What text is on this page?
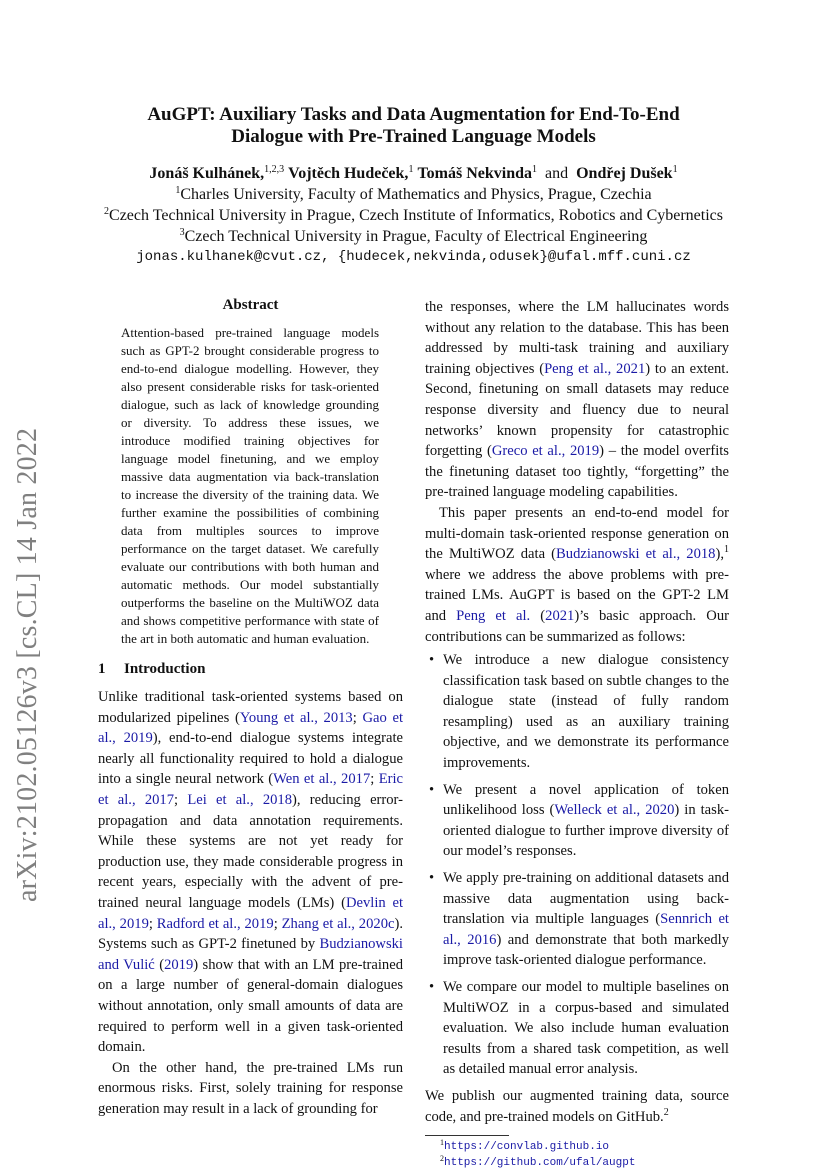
arXiv:2102.05126v3 [cs.CL] 14 Jan 2022
AuGPT: Auxiliary Tasks and Data Augmentation for End-To-End
Dialogue with Pre-Trained Language Models
Jonáš Kulhánek,$^{1,2,3}$ Vojtěch Hudeček,$^1$ Tomáš Nekvinda$^1$ and Ondřej Dušek$^1$
$^1$Charles University, Faculty of Mathematics and Physics, Prague, Czechia
$^2$Czech Technical University in Prague, Czech Institute of Informatics, Robotics and Cybernetics
$^3$Czech Technical University in Prague, Faculty of Electrical Engineering
jonas.kulhanek@cvut.cz, {hudecek,nekvinda,odusek}@ufal.mff.cuni.cz
Abstract
Attention-based pre-trained language models such as GPT-2 brought considerable progress to end-to-end dialogue modelling. However, they also present considerable risks for task-oriented dialogue, such as lack of knowledge grounding or diversity. To address these issues, we introduce modified training objectives for language model finetuning, and we employ massive data augmentation via back-translation to increase the diversity of the training data. We further examine the possibilities of combining data from multiples sources to improve performance on the target dataset. We carefully evaluate our contributions with both human and automatic methods. Our model substantially outperforms the baseline on the MultiWOZ data and shows competitive performance with state of the art in both automatic and human evaluation.
1 Introduction

Unlike traditional task-oriented systems based on modularized pipelines (Young et al., 2013; Gao et al., 2019), end-to-end dialogue systems integrate nearly all functionality required to hold a dialogue into a single neural network (Wen et al., 2017; Eric et al., 2017; Lei et al., 2018), reducing error-propagation and data annotation requirements. While these systems are not yet ready for production use, they made considerable progress in recent years, especially with the advent of pre-trained neural language models (LMs) (Devlin et al., 2019; Radford et al., 2019; Zhang et al., 2020c). Systems such as GPT-2 finetuned by Budzianowski and Vulić (2019) show that with an LM pre-trained on a large number of general-domain dialogues without annotation, only small amounts of data are required to perform well in a given task-oriented domain.

On the other hand, the pre-trained LMs run enormous risks. First, solely training for response generation may result in a lack of grounding for

the responses, where the LM hallucinates words without any relation to the database. This has been addressed by multi-task training and auxiliary training objectives (Peng et al., 2021) to an extent. Second, finetuning on small datasets may reduce response diversity and fluency due to neural networks’ known propensity for catastrophic forgetting (Greco et al., 2019) – the model overfits the finetuning dataset too tightly, “forgetting” the pre-trained language modeling capabilities.

This paper presents an end-to-end model for multi-domain task-oriented response generation on the MultiWOZ data (Budzianowski et al., 2018),$^1$ where we address the above problems with pre-trained LMs. AuGPT is based on the GPT-2 LM and Peng et al. (2021)’s basic approach. Our contributions can be summarized as follows:

• We introduce a new dialogue consistency classification task based on subtle changes to the dialogue state (instead of fully random resampling) used as an auxiliary training objective, and we demonstrate its performance improvements.
• We present a novel application of token unlikelihood loss (Welleck et al., 2020) in task-oriented dialogue to further improve diversity of our model’s responses.
• We apply pre-training on additional datasets and massive data augmentation using back-translation via multiple languages (Sennrich et al., 2016) and demonstrate that both markedly improve task-oriented dialogue performance.
• We compare our model to multiple baselines on MultiWOZ in a corpus-based and simulated evaluation. We also include human evaluation results from a shared task competition, as well as detailed manual error analysis.

We publish our augmented training data, source code, and pre-trained models on GitHub.$^2$

$^1$https://convlab.github.io
$^2$https://github.com/ufal/augpt
